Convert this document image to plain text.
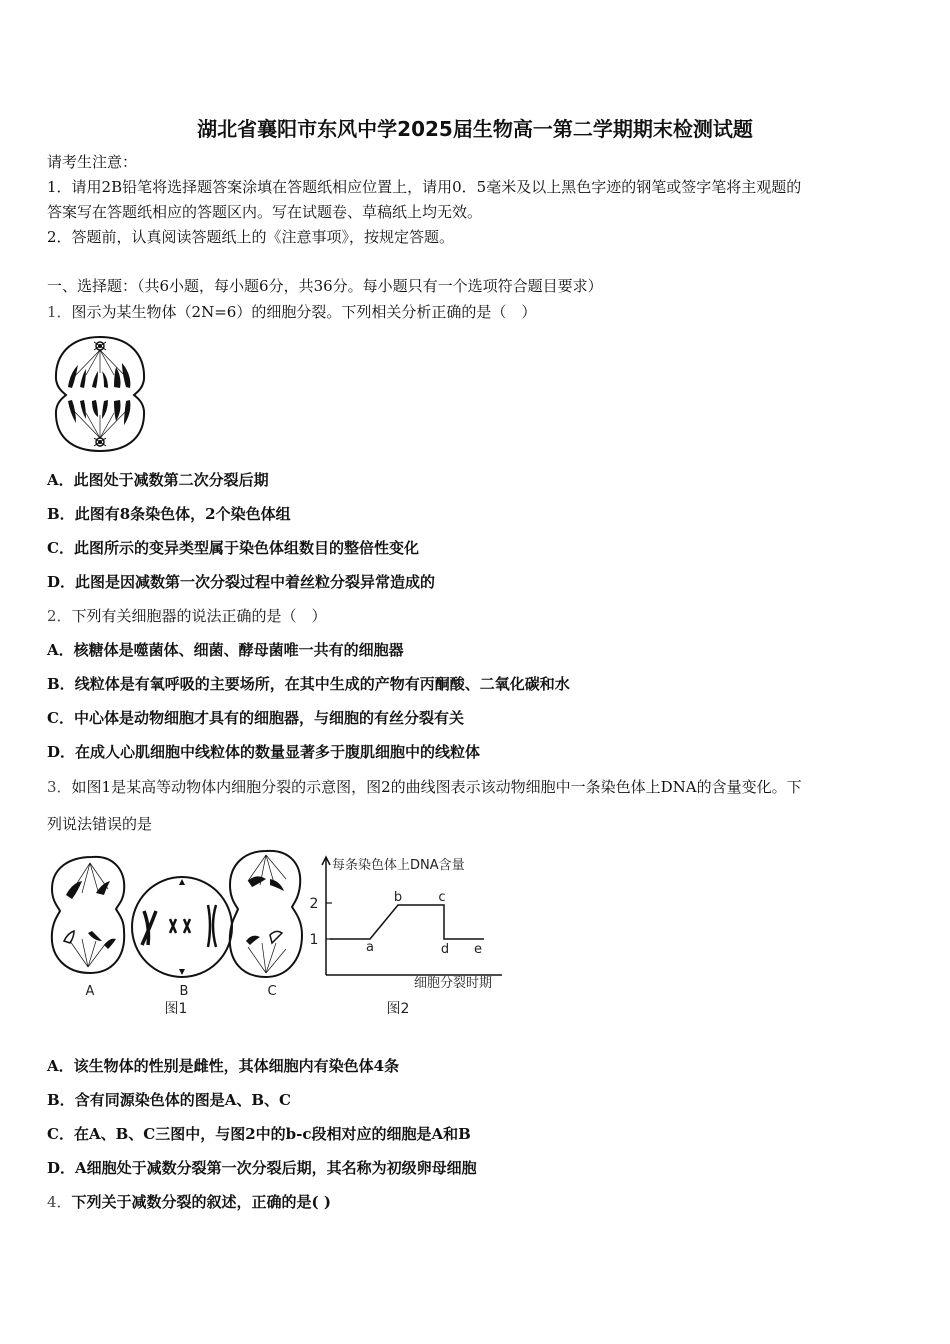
湖北省襄阳市东风中学2025届生物高一第二学期期末检测试题
请考生注意：
1．请用2B铅笔将选择题答案涂填在答题纸相应位置上，请用0．5毫米及以上黑色字迹的钢笔或签字笔将主观题的
答案写在答题纸相应的答题区内。写在试题卷、草稿纸上均无效。
2．答题前，认真阅读答题纸上的《注意事项》，按规定答题。
一、选择题：（共6小题，每小题6分，共36分。每小题只有一个选项符合题目要求）
1．图示为某生物体（2N=6）的细胞分裂。下列相关分析正确的是（　）
A．此图处于减数第二次分裂后期
B．此图有8条染色体，2个染色体组
C．此图所示的变异类型属于染色体组数目的整倍性变化
D．此图是因减数第一次分裂过程中着丝粒分裂异常造成的
2．下列有关细胞器的说法正确的是（　）
A．核糖体是噬菌体、细菌、酵母菌唯一共有的细胞器
B．线粒体是有氧呼吸的主要场所，在其中生成的产物有丙酮酸、二氧化碳和水
C．中心体是动物细胞才具有的细胞器，与细胞的有丝分裂有关
D．在成人心肌细胞中线粒体的数量显著多于腹肌细胞中的线粒体
3．如图1是某高等动物体内细胞分裂的示意图，图2的曲线图表示该动物细胞中一条染色体上DNA的含量变化。下
列说法错误的是
A	B	C
图1
每条染色体上DNA含量
细胞分裂时期
2
1	a
b	c
d e
图2
A．该生物体的性别是雌性，其体细胞内有染色体4条
B．含有同源染色体的图是A、B、C
C．在A、B、C三图中，与图2中的b-c段相对应的细胞是A和B
D．A细胞处于减数分裂第一次分裂后期，其名称为初级卵母细胞
4．下列关于减数分裂的叙述，正确的是( )
